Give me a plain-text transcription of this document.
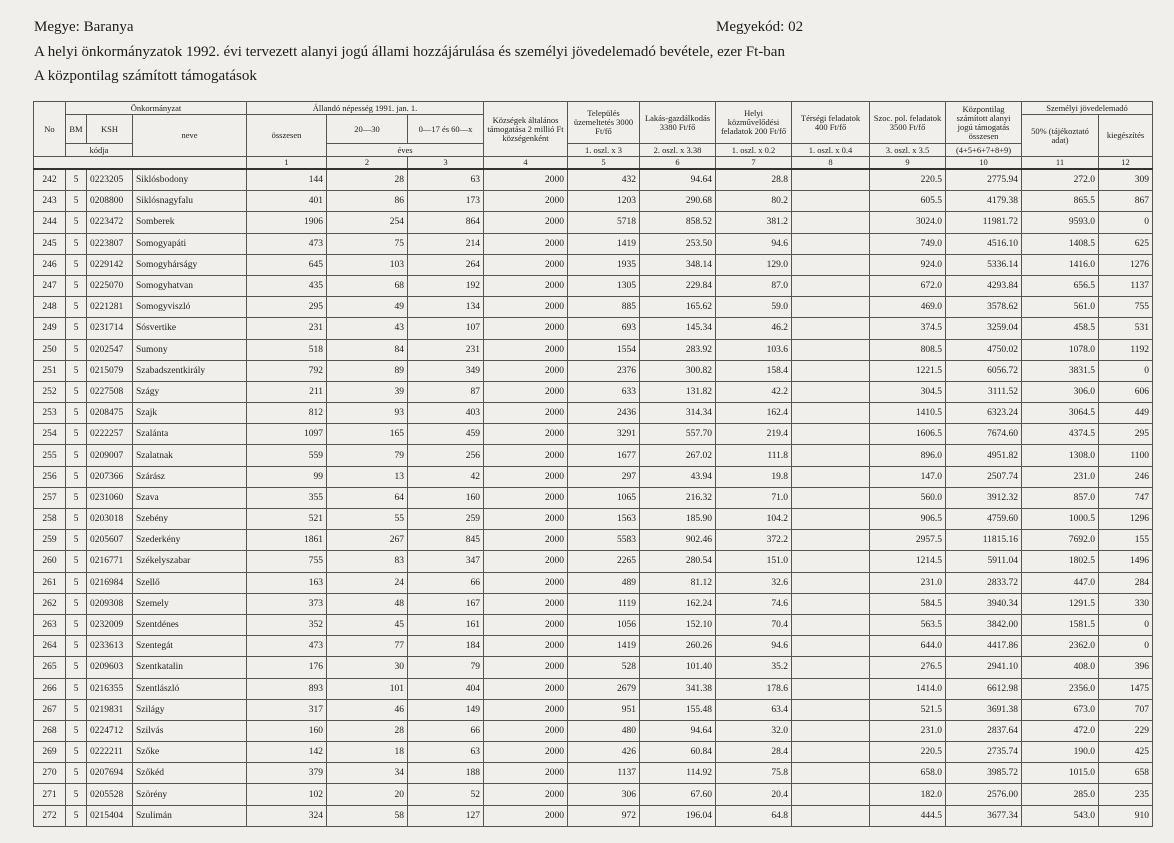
Megye: Baranya	Megyekód: 02
A helyi önkormányzatok 1992. évi tervezett alanyi jogú állami hozzájárulása és személyi jövedelemadó bevétele, ezer Ft-ban
A központilag számított támogatások
No	Önkormányzat			Állandó népesség 1991. jan. 1.			Községek általános támogatása 2 millió Ft községenként	Település üzemeltetés 3000 Ft/fő	Lakás-gazdálkodás 3380 Ft/fő	Helyi közművelődési feladatok 200 Ft/fő	Térségi feladatok 400 Ft/fő	Szoc. pol. feladatok 3500 Ft/fő	Központilag számított alanyi jogú támogatás összesen	Személyi jövedelemadó	
	BM	KSH	neve	összesen	20—30	0—17 és 60—x								50% (tájékoztató adat)	kiegészítés
	kódja				éves			1. oszl. x 3	2. oszl. x 3.38	1. oszl. x 0.2	1. oszl. x 0.4	3. oszl. x 3.5	(4+5+6+7+8+9)		
				1	2	3	4	5	6	7	8	9	10	11	12
242	5	0223205	Siklósbodony	144	28	63	2000	432	94.64	28.8		220.5	2775.94	272.0	309
243	5	0208800	Siklósnagyfalu	401	86	173	2000	1203	290.68	80.2		605.5	4179.38	865.5	867
244	5	0223472	Somberek	1906	254	864	2000	5718	858.52	381.2		3024.0	11981.72	9593.0	0
245	5	0223807	Somogyapáti	473	75	214	2000	1419	253.50	94.6		749.0	4516.10	1408.5	625
246	5	0229142	Somogyhárságy	645	103	264	2000	1935	348.14	129.0		924.0	5336.14	1416.0	1276
247	5	0225070	Somogyhatvan	435	68	192	2000	1305	229.84	87.0		672.0	4293.84	656.5	1137
248	5	0221281	Somogyviszló	295	49	134	2000	885	165.62	59.0		469.0	3578.62	561.0	755
249	5	0231714	Sósvertike	231	43	107	2000	693	145.34	46.2		374.5	3259.04	458.5	531
250	5	0202547	Sumony	518	84	231	2000	1554	283.92	103.6		808.5	4750.02	1078.0	1192
251	5	0215079	Szabadszentkirály	792	89	349	2000	2376	300.82	158.4		1221.5	6056.72	3831.5	0
252	5	0227508	Szágy	211	39	87	2000	633	131.82	42.2		304.5	3111.52	306.0	606
253	5	0208475	Szajk	812	93	403	2000	2436	314.34	162.4		1410.5	6323.24	3064.5	449
254	5	0222257	Szalánta	1097	165	459	2000	3291	557.70	219.4		1606.5	7674.60	4374.5	295
255	5	0209007	Szalatnak	559	79	256	2000	1677	267.02	111.8		896.0	4951.82	1308.0	1100
256	5	0207366	Szárász	99	13	42	2000	297	43.94	19.8		147.0	2507.74	231.0	246
257	5	0231060	Szava	355	64	160	2000	1065	216.32	71.0		560.0	3912.32	857.0	747
258	5	0203018	Szebény	521	55	259	2000	1563	185.90	104.2		906.5	4759.60	1000.5	1296
259	5	0205607	Szederkény	1861	267	845	2000	5583	902.46	372.2		2957.5	11815.16	7692.0	155
260	5	0216771	Székelyszabar	755	83	347	2000	2265	280.54	151.0		1214.5	5911.04	1802.5	1496
261	5	0216984	Szellő	163	24	66	2000	489	81.12	32.6		231.0	2833.72	447.0	284
262	5	0209308	Szemely	373	48	167	2000	1119	162.24	74.6		584.5	3940.34	1291.5	330
263	5	0232009	Szentdénes	352	45	161	2000	1056	152.10	70.4		563.5	3842.00	1581.5	0
264	5	0233613	Szentegát	473	77	184	2000	1419	260.26	94.6		644.0	4417.86	2362.0	0
265	5	0209603	Szentkatalin	176	30	79	2000	528	101.40	35.2		276.5	2941.10	408.0	396
266	5	0216355	Szentlászló	893	101	404	2000	2679	341.38	178.6		1414.0	6612.98	2356.0	1475
267	5	0219831	Szilágy	317	46	149	2000	951	155.48	63.4		521.5	3691.38	673.0	707
268	5	0224712	Szilvás	160	28	66	2000	480	94.64	32.0		231.0	2837.64	472.0	229
269	5	0222211	Szőke	142	18	63	2000	426	60.84	28.4		220.5	2735.74	190.0	425
270	5	0207694	Szőkéd	379	34	188	2000	1137	114.92	75.8		658.0	3985.72	1015.0	658
271	5	0205528	Szörény	102	20	52	2000	306	67.60	20.4		182.0	2576.00	285.0	235
272	5	0215404	Szulimán	324	58	127	2000	972	196.04	64.8		444.5	3677.34	543.0	910
